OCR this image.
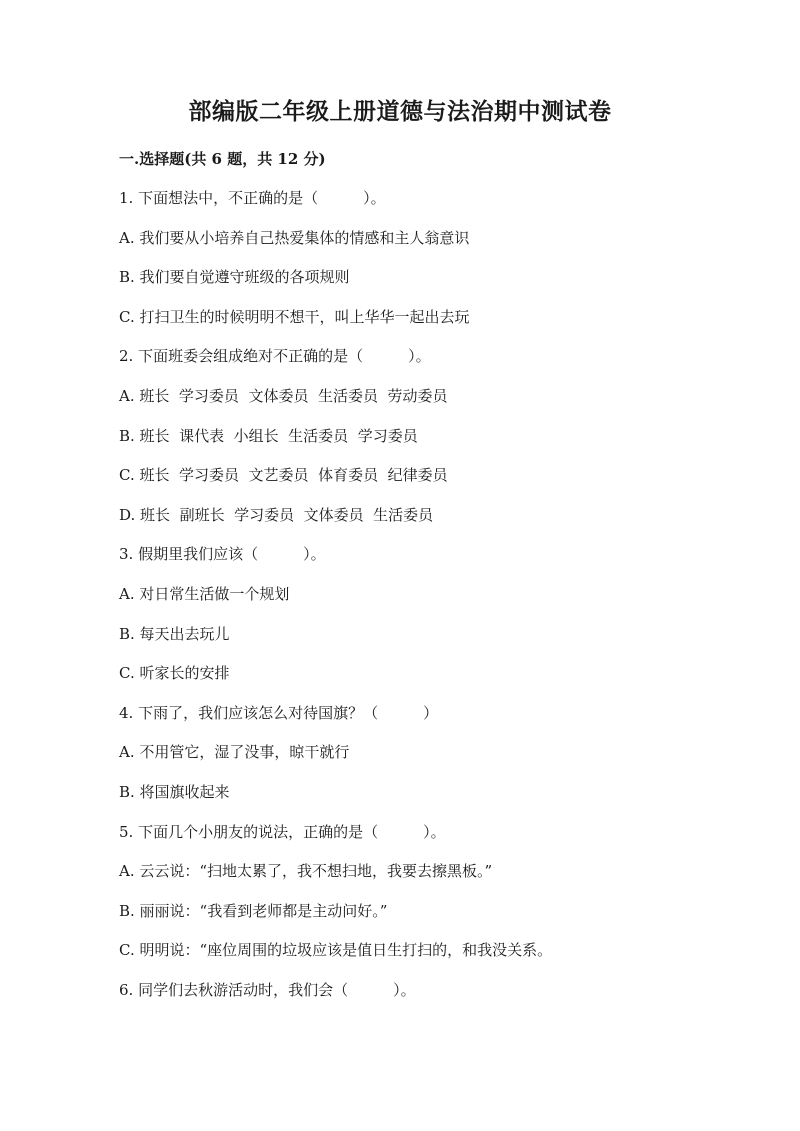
部编版二年级上册道德与法治期中测试卷
一.选择题(共 6 题，共 12 分)
1. 下面想法中，不正确的是（　　　）。
A. 我们要从小培养自己热爱集体的情感和主人翁意识
B. 我们要自觉遵守班级的各项规则
C. 打扫卫生的时候明明不想干，叫上华华一起出去玩
2. 下面班委会组成绝对不正确的是（　　　）。
A. 班长  学习委员  文体委员  生活委员  劳动委员
B. 班长  课代表  小组长  生活委员  学习委员
C. 班长  学习委员  文艺委员  体育委员  纪律委员
D. 班长  副班长  学习委员  文体委员  生活委员
3. 假期里我们应该（　　　）。
A. 对日常生活做一个规划
B. 每天出去玩儿
C. 听家长的安排
4. 下雨了，我们应该怎么对待国旗？（　　　）
A. 不用管它，湿了没事，晾干就行
B. 将国旗收起来
5. 下面几个小朋友的说法，正确的是（　　　）。
A. 云云说：“扫地太累了，我不想扫地，我要去擦黑板。”
B. 丽丽说：“我看到老师都是主动问好。”
C. 明明说：“座位周围的垃圾应该是值日生打扫的，和我没关系。
6. 同学们去秋游活动时，我们会（　　　）。
